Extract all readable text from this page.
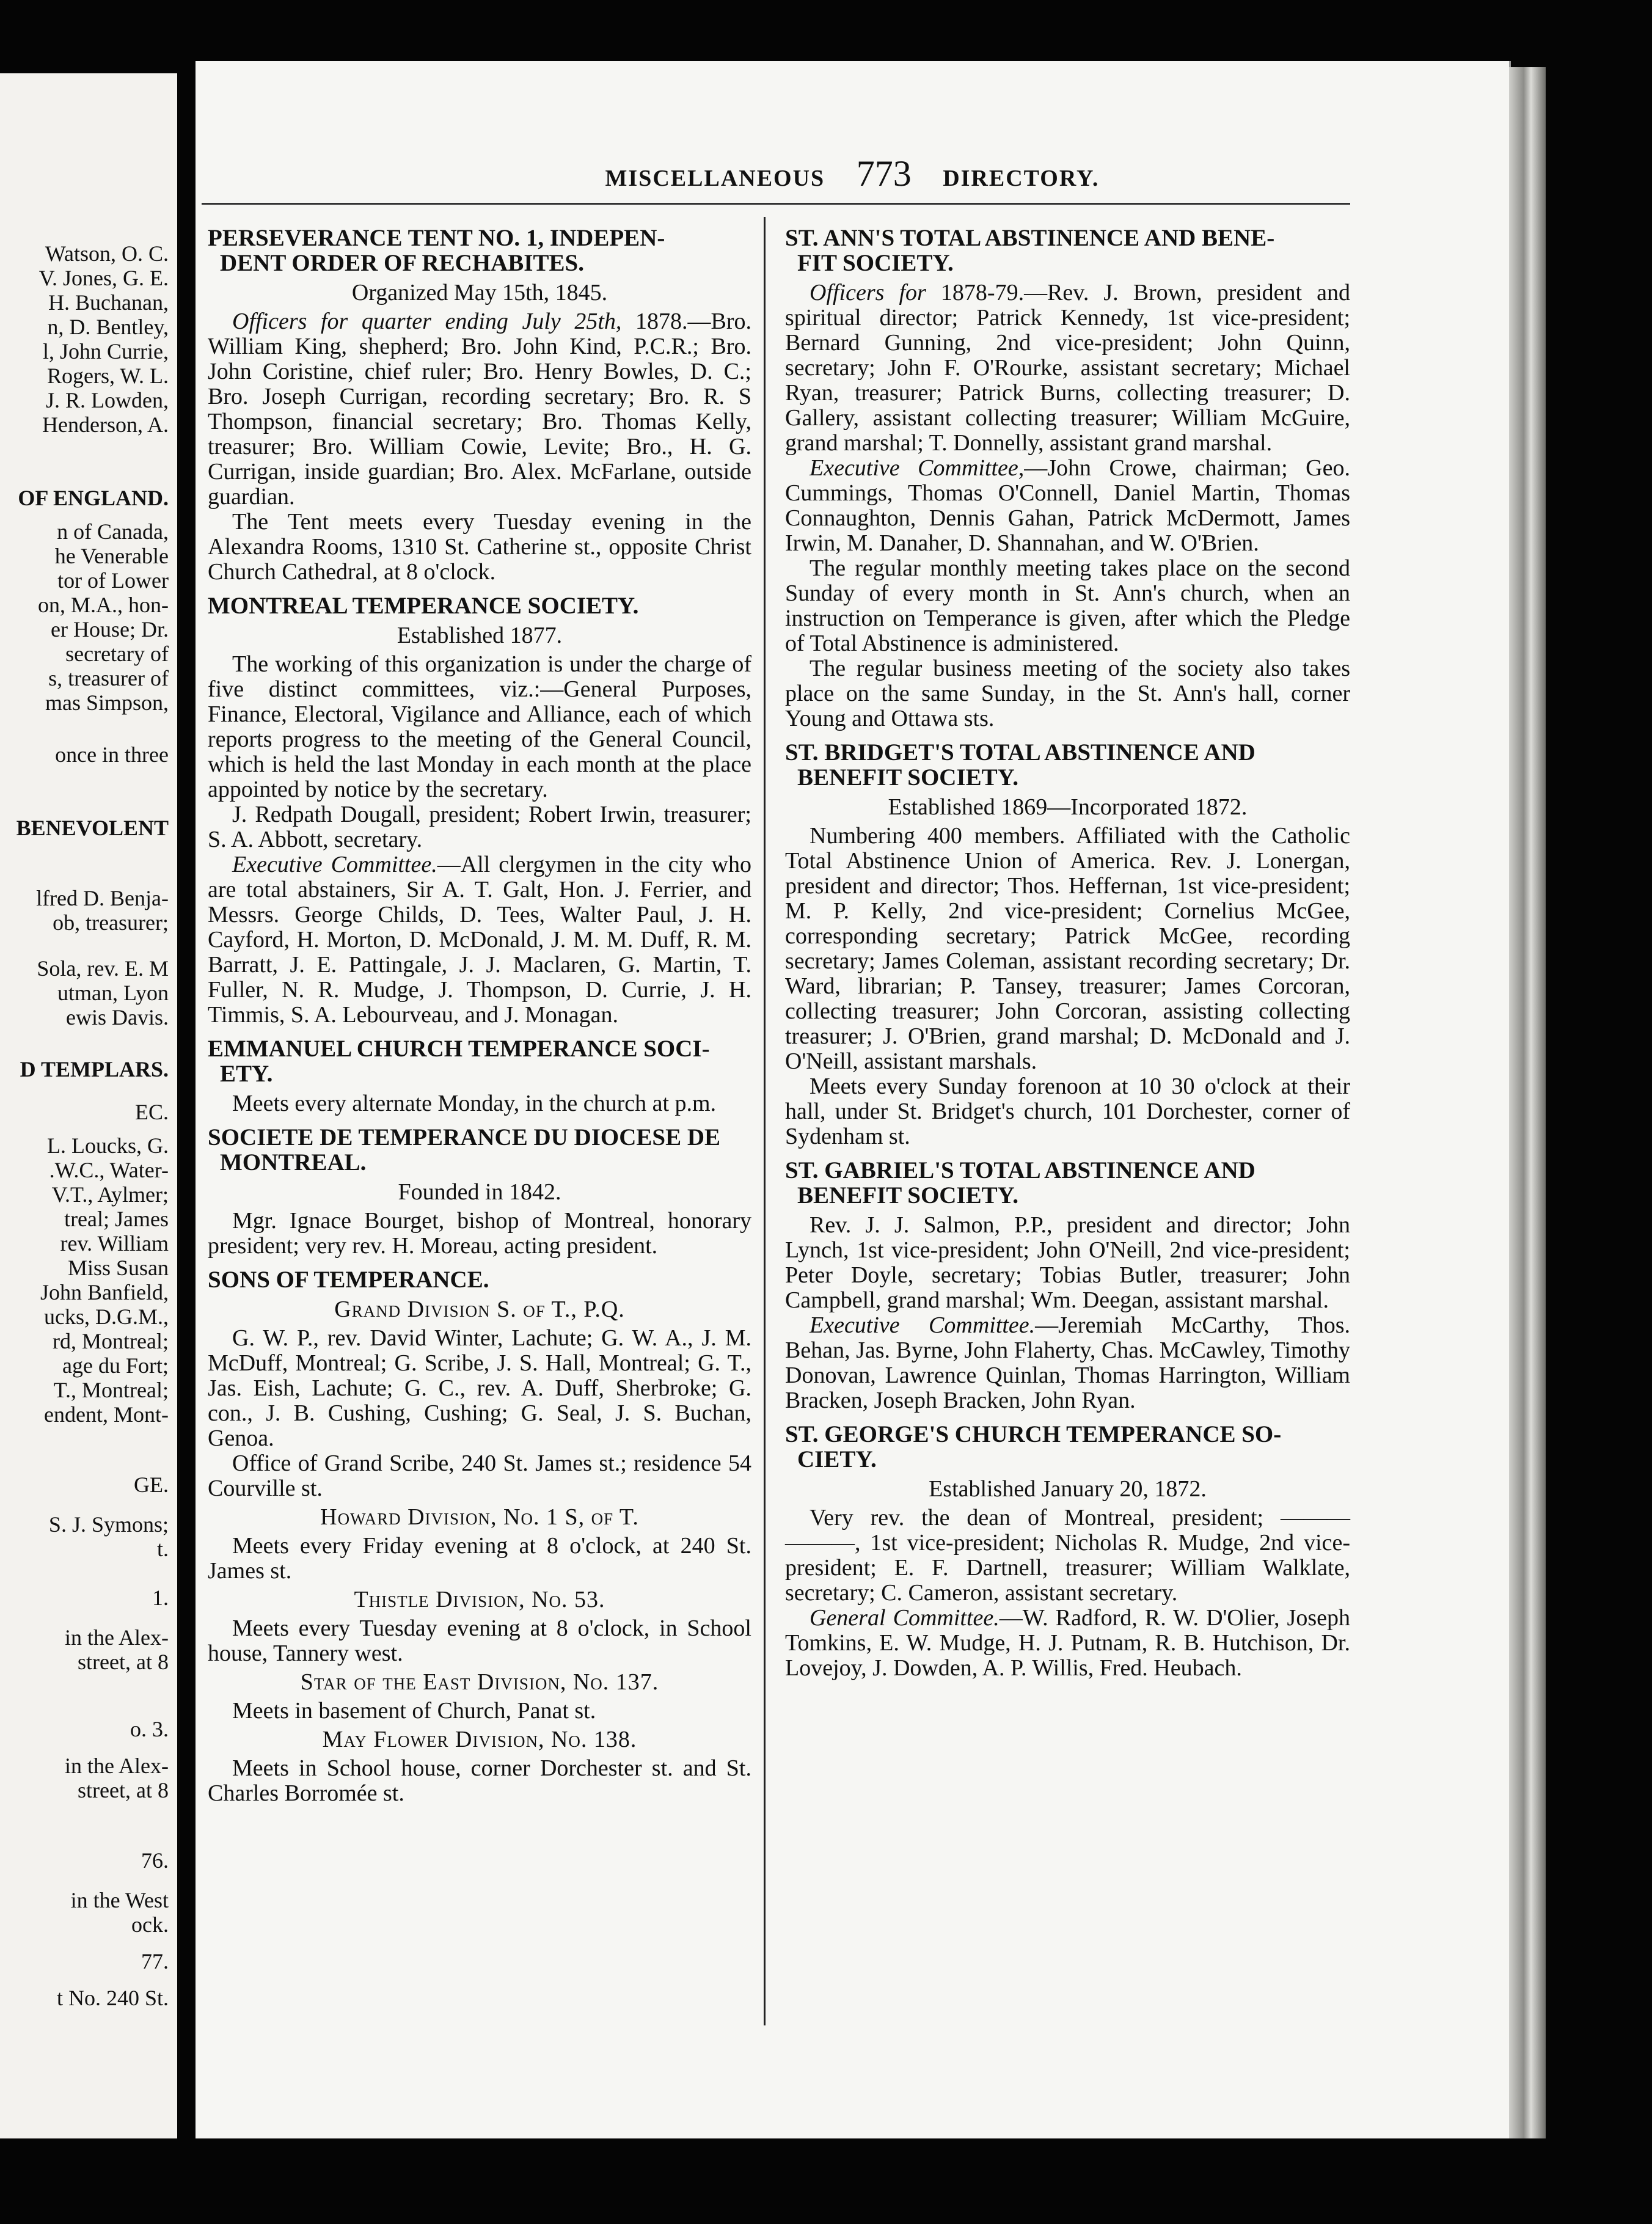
Watson, O. C.
V. Jones, G. E.
H. Buchanan,
n, D. Bentley,
l, John Currie,
Rogers, W. L.
J. R. Lowden,
Henderson, A.
OF ENGLAND.
n of Canada,
he Venerable
tor of Lower
on, M.A., hon-
er House; Dr.
secretary of
s, treasurer of
mas Simpson,
once in three
BENEVOLENT
lfred D. Benja-
ob, treasurer;
Sola, rev. E. M
utman, Lyon
ewis Davis.
D TEMPLARS.
EC.
L. Loucks, G.
.W.C., Water-
V.T., Aylmer;
treal; James
rev. William
Miss Susan
John Banfield,
ucks, D.G.M.,
rd, Montreal;
age du Fort;
T., Montreal;
endent, Mont-
GE.
S. J. Symons;
t.
1.
in the Alex-
street, at 8
o. 3.
in the Alex-
street, at 8
76.
in the West
ock.
77.
t No. 240 St.
MISCELLANEOUS 773 DIRECTORY.
PERSEVERANCE TENT NO. 1, INDEPEN-
DENT ORDER OF RECHABITES.
Organized May 15th, 1845.

Officers for quarter ending July 25th, 1878.—Bro. William King, shepherd; Bro. John Kind, P.C.R.; Bro. John Coristine, chief ruler; Bro. Henry Bowles, D. C.; Bro. Joseph Currigan, recording secretary; Bro. R. S Thompson, financial secretary; Bro. Thomas Kelly, treasurer; Bro. William Cowie, Levite; Bro., H. G. Currigan, inside guardian; Bro. Alex. McFarlane, outside guardian.

The Tent meets every Tuesday evening in the Alexandra Rooms, 1310 St. Catherine st., opposite Christ Church Cathedral, at 8 o'clock.

MONTREAL TEMPERANCE SOCIETY.
Established 1877.

The working of this organization is under the charge of five distinct committees, viz.:—General Purposes, Finance, Electoral, Vigilance and Alliance, each of which reports progress to the meeting of the General Council, which is held the last Monday in each month at the place appointed by notice by the secretary.

J. Redpath Dougall, president; Robert Irwin, treasurer; S. A. Abbott, secretary.

Executive Committee.—All clergymen in the city who are total abstainers, Sir A. T. Galt, Hon. J. Ferrier, and Messrs. George Childs, D. Tees, Walter Paul, J. H. Cayford, H. Morton, D. McDonald, J. M. M. Duff, R. M. Barratt, J. E. Pattingale, J. J. Maclaren, G. Martin, T. Fuller, N. R. Mudge, J. Thompson, D. Currie, J. H. Timmis, S. A. Lebourveau, and J. Monagan.

EMMANUEL CHURCH TEMPERANCE SOCI-
ETY.

Meets every alternate Monday, in the church at p.m.

SOCIETE DE TEMPERANCE DU DIOCESE DE
MONTREAL.
Founded in 1842.

Mgr. Ignace Bourget, bishop of Montreal, honorary president; very rev. H. Moreau, acting president.

SONS OF TEMPERANCE.
Grand Division S. of T., P.Q.

G. W. P., rev. David Winter, Lachute; G. W. A., J. M. McDuff, Montreal; G. Scribe, J. S. Hall, Montreal; G. T., Jas. Eish, Lachute; G. C., rev. A. Duff, Sherbroke; G. con., J. B. Cushing, Cushing; G. Seal, J. S. Buchan, Genoa.

Office of Grand Scribe, 240 St. James st.; residence 54 Courville st.

Howard Division, No. 1 S, of T.

Meets every Friday evening at 8 o'clock, at 240 St. James st.

Thistle Division, No. 53.

Meets every Tuesday evening at 8 o'clock, in School house, Tannery west.

Star of the East Division, No. 137.

Meets in basement of Church, Panat st.

May Flower Division, No. 138.

Meets in School house, corner Dorchester st. and St. Charles Borromée st.

ST. ANN'S TOTAL ABSTINENCE AND BENE-
FIT SOCIETY.

Officers for 1878-79.—Rev. J. Brown, president and spiritual director; Patrick Kennedy, 1st vice-president; Bernard Gunning, 2nd vice-president; John Quinn, secretary; John F. O'Rourke, assistant secretary; Michael Ryan, treasurer; Patrick Burns, collecting treasurer; D. Gallery, assistant collecting treasurer; William McGuire, grand marshal; T. Donnelly, assistant grand marshal.

Executive Committee,—John Crowe, chairman; Geo. Cummings, Thomas O'Connell, Daniel Martin, Thomas Connaughton, Dennis Gahan, Patrick McDermott, James Irwin, M. Danaher, D. Shannahan, and W. O'Brien.

The regular monthly meeting takes place on the second Sunday of every month in St. Ann's church, when an instruction on Temperance is given, after which the Pledge of Total Abstinence is administered.

The regular business meeting of the society also takes place on the same Sunday, in the St. Ann's hall, corner Young and Ottawa sts.

ST. BRIDGET'S TOTAL ABSTINENCE AND
BENEFIT SOCIETY.
Established 1869—Incorporated 1872.

Numbering 400 members. Affiliated with the Catholic Total Abstinence Union of America. Rev. J. Lonergan, president and director; Thos. Heffernan, 1st vice-president; M. P. Kelly, 2nd vice-president; Cornelius McGee, corresponding secretary; Patrick McGee, recording secretary; James Coleman, assistant recording secretary; Dr. Ward, librarian; P. Tansey, treasurer; James Corcoran, collecting treasurer; John Corcoran, assisting collecting treasurer; J. O'Brien, grand marshal; D. McDonald and J. O'Neill, assistant marshals.

Meets every Sunday forenoon at 10 30 o'clock at their hall, under St. Bridget's church, 101 Dorchester, corner of Sydenham st.

ST. GABRIEL'S TOTAL ABSTINENCE AND
BENEFIT SOCIETY.

Rev. J. J. Salmon, P.P., president and director; John Lynch, 1st vice-president; John O'Neill, 2nd vice-president; Peter Doyle, secretary; Tobias Butler, treasurer; John Campbell, grand marshal; Wm. Deegan, assistant marshal.

Executive Committee.—Jeremiah McCarthy, Thos. Behan, Jas. Byrne, John Flaherty, Chas. McCawley, Timothy Donovan, Lawrence Quinlan, Thomas Harrington, William Bracken, Joseph Bracken, John Ryan.

ST. GEORGE'S CHURCH TEMPERANCE SO-
CIETY.
Established January 20, 1872.

Very rev. the dean of Montreal, president; ——— ———, 1st vice-president; Nicholas R. Mudge, 2nd vice-president; E. F. Dartnell, treasurer; William Walklate, secretary; C. Cameron, assistant secretary.

General Committee.—W. Radford, R. W. D'Olier, Joseph Tomkins, E. W. Mudge, H. J. Putnam, R. B. Hutchison, Dr. Lovejoy, J. Dowden, A. P. Willis, Fred. Heubach.
